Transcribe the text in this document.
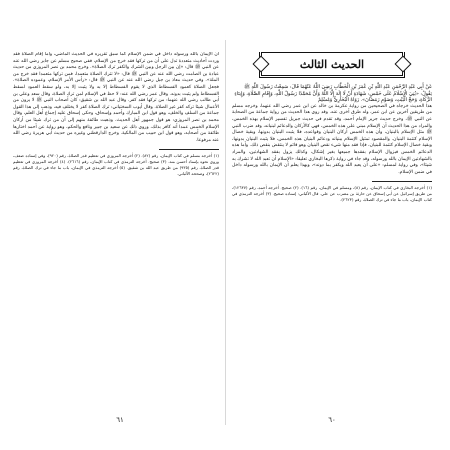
الحديث الثالث

عَنْ أَبِي عَبْدِ الرَّحْمَنِ عَبْدِ اللَّهِ بْنِ عُمَرَ بْنِ الْخَطَّابِ رَضِيَ اللَّهُ عَنْهُمَا قَالَ: سَمِعْتُ رَسُولَ اللَّهِ ﷺ يَقُولُ: «بُنِيَ الْإِسْلَامُ عَلَى خَمْسٍ: شَهَادَةِ أَنْ لَا إِلَهَ إِلَّا اللَّهُ وَأَنَّ مُحَمَّدًا رَسُولُ اللَّهِ، وَإِقَامِ الصَّلَاةِ، وَإِيتَاءِ الزَّكَاةِ، وَحَجِّ الْبَيْتِ، وَصَوْمِ رَمَضَانَ». رَوَاهُ الْبُخَارِيُّ وَمُسْلِمٌ

هذا الحديث خرجاه في الصحيحين من رواية عكرمة بن خالد عن ابن عمر رضي الله عنهما، وخرجه مسلم من طريقين آخرين عن ابن عمر، وله طرق أخرى عنه. وقد روي هذا الحديث من رواية جماعة من الصحابة عن النبي ﷺ، وخرج حديث جرير الإمام أحمد، وقد تقدم في حديث جبريل تفسير الإسلام بهذه الخمس، والمراد من هذا الحديث أن الإسلام مبني على هذه الخمس، فهي كالأركان والدعائم لبنيانه، وقد ضرب النبي ﷺ مثل الإسلام بالبنيان، وأن هذه الخمس أركان البنيان وقواعده، فلا يثبت البنيان بدونها، وبقية خصال الإسلام كتتمة البنيان. والمقصود تمثيل الإسلام ببنيانه ودعائم البنيان هذه الخمس، فلا يثبت البنيان بدونها، وبقية خصال الإسلام كتتمة للبنيان، فإذا فقد منها شيء نقص البنيان وهو قائم لا ينتقض بنقص ذلك. وأما هذه الدعائم الخمس فبزوال الإسلام بفقدها جميعها بغير إشكال، وكذلك يزول بفقد الشهادتين، والمراد بالشهادتين الإيمان بالله ورسوله، وقد جاء في رواية ذكرها البخاري تعليقا: «الإسلام أن تعبد الله لا تشرك به شيئا»، وفي رواية لمسلم: «على أن يعبد الله ويكفر بما دونه»، وبهذا يعلم أن الإيمان بالله ورسوله داخل في ضمن الإسلام.

(١) أخرجه البخاري في كتاب الإيمان، رقم (٨)، ومسلم في الإيمان، رقم (١٦). (٢) صحيح. أخرجه أحمد، رقم (١٢٦٣٧)، من طريق إسرائيل عن أبي إسحاق عن حارثة بن مضرب عن علي. قال الألباني: إسناده صحيح. (٣) أخرجه الترمذي في كتاب الإيمان، باب ما جاء في ترك الصلاة، رقم (٢٦٢٣).

أن الإيمان بالله ورسوله داخل في ضمن الإسلام كما سبق تقريره في الحديث الماضي، وأما إقام الصلاة فقد وردت أحاديث متعددة تدل على أن من تركها فقد خرج من الإسلام، ففي صحيح مسلم عن جابر رضي الله عنه عن النبي ﷺ قال: «إن بين الرجل وبين الشرك والكفر ترك الصلاة». وخرج محمد بن نصر المروزي من حديث عبادة بن الصامت رضي الله عنه عن النبي ﷺ قال: «لا تترك الصلاة متعمدا، فمن تركها متعمدا فقد خرج من الملة». وفي حديث معاذ بن جبل رضي الله عنه عن النبي ﷺ قال: «رأس الأمر الإسلام، وعموده الصلاة». فجعل الصلاة كعمود الفسطاط الذي لا يقوم الفسطاط إلا به ولا يثبت إلا به، ولو سقط العمود لسقط الفسطاط ولم يثبت بدونه. وقال عمر رضي الله عنه: لا حظ في الإسلام لمن ترك الصلاة، وقال سعد وعلي بن أبي طالب رضي الله عنهما: من تركها فقد كفر. وقال عبد الله بن شقيق: كان أصحاب النبي ﷺ لا يرون من الأعمال شيئا تركه كفر غير الصلاة. وقال أيوب السختياني: ترك الصلاة كفر لا يختلف فيه، وذهب إلى هذا القول جماعة من السلف والخلف، وهو قول ابن المبارك وأحمد وإسحاق، وحكى إسحاق عليه إجماع أهل العلم، وقال محمد بن نصر المروزي: هو قول جمهور أهل الحديث. وذهبت طائفة منهم إلى أن من ترك شيئا من أركان الإسلام الخمس عمدا أنه كافر بذلك، وروي ذلك عن سعيد بن جبير ونافع والحكم، وهو رواية عن أحمد اختارها طائفة من أصحابه، وهو قول ابن حبيب من المالكية. وخرج الدارقطني وغيره من حديث أبي هريرة رضي الله عنه مرفوعا.

(١) أخرجه مسلم في كتاب الإيمان، رقم (٨٢). (٢) أخرجه المروزي في تعظيم قدر الصلاة، رقم (٩٢٠)، وفي إسناده ضعف، وروي نحوه بإسناد أحسن منه. (٣) صحيح. أخرجه الترمذي في كتاب الإيمان، رقم (٢٦١٦). (٤) أخرجه المروزي في تعظيم قدر الصلاة، رقم (٩٣٥) من طريق عبد الله بن شقيق. (٥) أخرجه الترمذي في الإيمان، باب ما جاء في ترك الصلاة، رقم (٢٦٢٢)، وصححه الألباني.

٦٠
٦١
